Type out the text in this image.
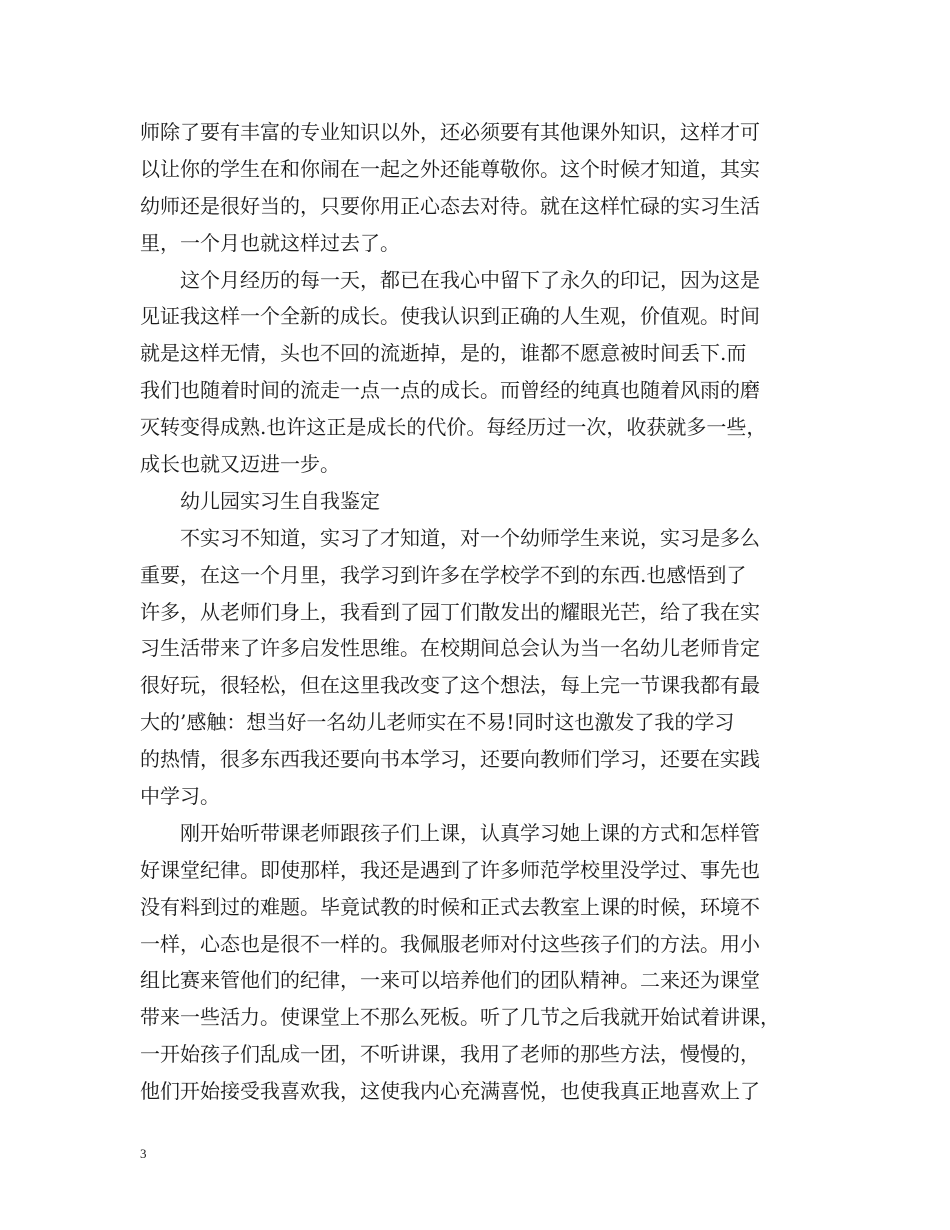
师除了要有丰富的专业知识以外，还必须要有其他课外知识，这样才可
以让你的学生在和你闹在一起之外还能尊敬你。这个时候才知道，其实
幼师还是很好当的，只要你用正心态去对待。就在这样忙碌的实习生活
里，一个月也就这样过去了。
这个月经历的每一天，都已在我心中留下了永久的印记，因为这是
见证我这样一个全新的成长。使我认识到正确的人生观，价值观。时间
就是这样无情，头也不回的流逝掉，是的，谁都不愿意被时间丢下.而
我们也随着时间的流走一点一点的成长。而曾经的纯真也随着风雨的磨
灭转变得成熟.也许这正是成长的代价。每经历过一次，收获就多一些，
成长也就又迈进一步。
幼儿园实习生自我鉴定
不实习不知道，实习了才知道，对一个幼师学生来说，实习是多么
重要，在这一个月里，我学习到许多在学校学不到的东西.也感悟到了
许多，从老师们身上，我看到了园丁们散发出的耀眼光芒，给了我在实
习生活带来了许多启发性思维。在校期间总会认为当一名幼儿老师肯定
很好玩，很轻松，但在这里我改变了这个想法，每上完一节课我都有最
大的’感触：想当好一名幼儿老师实在不易!同时这也激发了我的学习
的热情，很多东西我还要向书本学习，还要向教师们学习，还要在实践
中学习。
刚开始听带课老师跟孩子们上课，认真学习她上课的方式和怎样管
好课堂纪律。即使那样，我还是遇到了许多师范学校里没学过、事先也
没有料到过的难题。毕竟试教的时候和正式去教室上课的时候，环境不
一样，心态也是很不一样的。我佩服老师对付这些孩子们的方法。用小
组比赛来管他们的纪律，一来可以培养他们的团队精神。二来还为课堂
带来一些活力。使课堂上不那么死板。听了几节之后我就开始试着讲课，
一开始孩子们乱成一团，不听讲课，我用了老师的那些方法，慢慢的，
他们开始接受我喜欢我，这使我内心充满喜悦，也使我真正地喜欢上了
3
